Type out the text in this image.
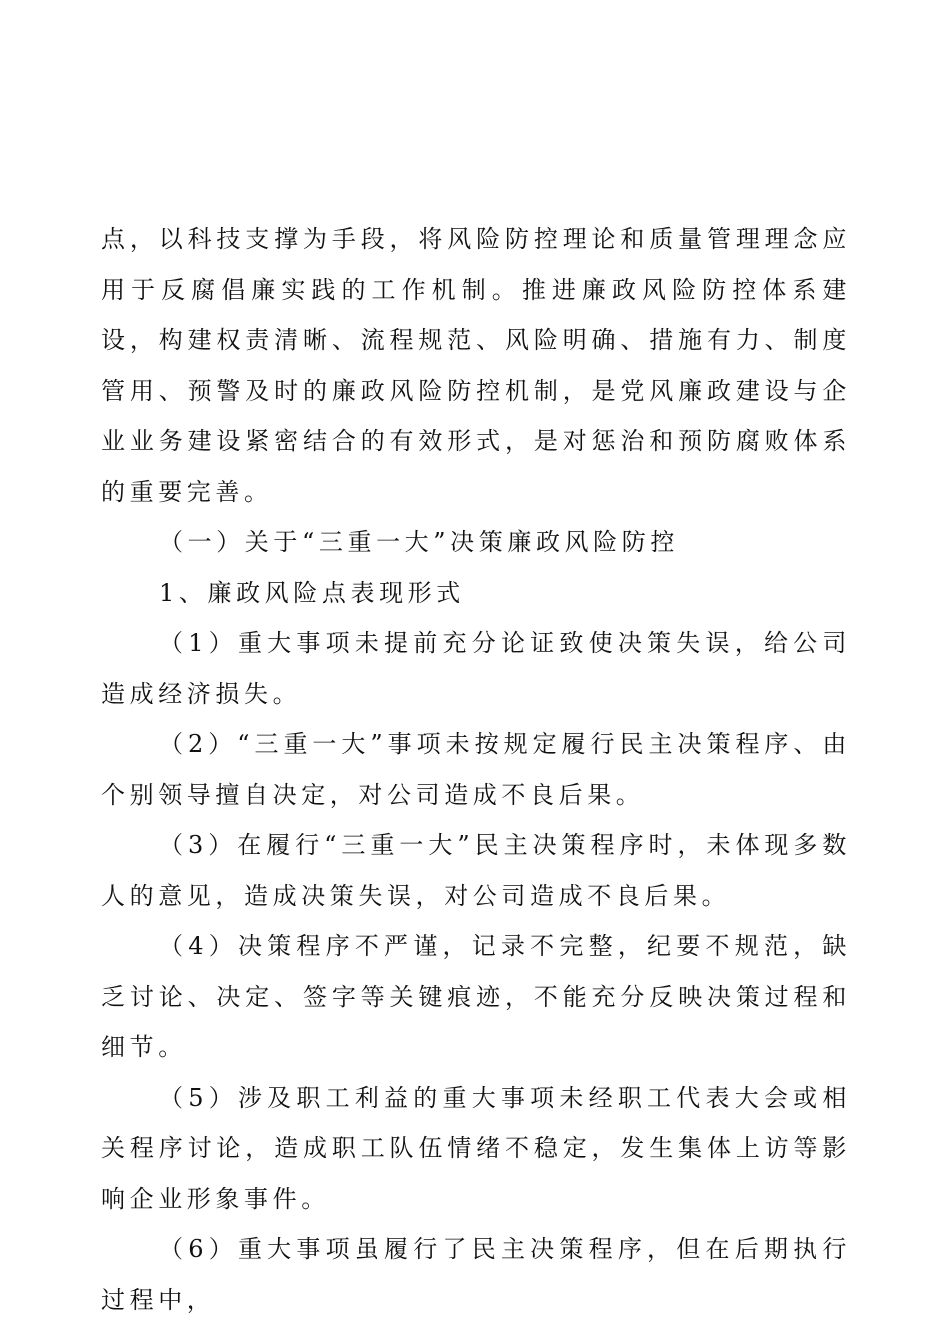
点，以科技支撑为手段，将风险防控理论和质量管理理念应用于反腐倡廉实践的工作机制。推进廉政风险防控体系建设，构建权责清晰、流程规范、风险明确、措施有力、制度管用、预警及时的廉政风险防控机制，是党风廉政建设与企业业务建设紧密结合的有效形式，是对惩治和预防腐败体系的重要完善。

（一）关于“三重一大”决策廉政风险防控

1、廉政风险点表现形式

（1）重大事项未提前充分论证致使决策失误，给公司造成经济损失。

（2）“三重一大”事项未按规定履行民主决策程序、由个别领导擅自决定，对公司造成不良后果。

（3）在履行“三重一大”民主决策程序时，未体现多数人的意见，造成决策失误，对公司造成不良后果。

（4）决策程序不严谨，记录不完整，纪要不规范，缺乏讨论、决定、签字等关键痕迹，不能充分反映决策过程和细节。

（5）涉及职工利益的重大事项未经职工代表大会或相关程序讨论，造成职工队伍情绪不稳定，发生集体上访等影响企业形象事件。

（6）重大事项虽履行了民主决策程序，但在后期执行过程中，
